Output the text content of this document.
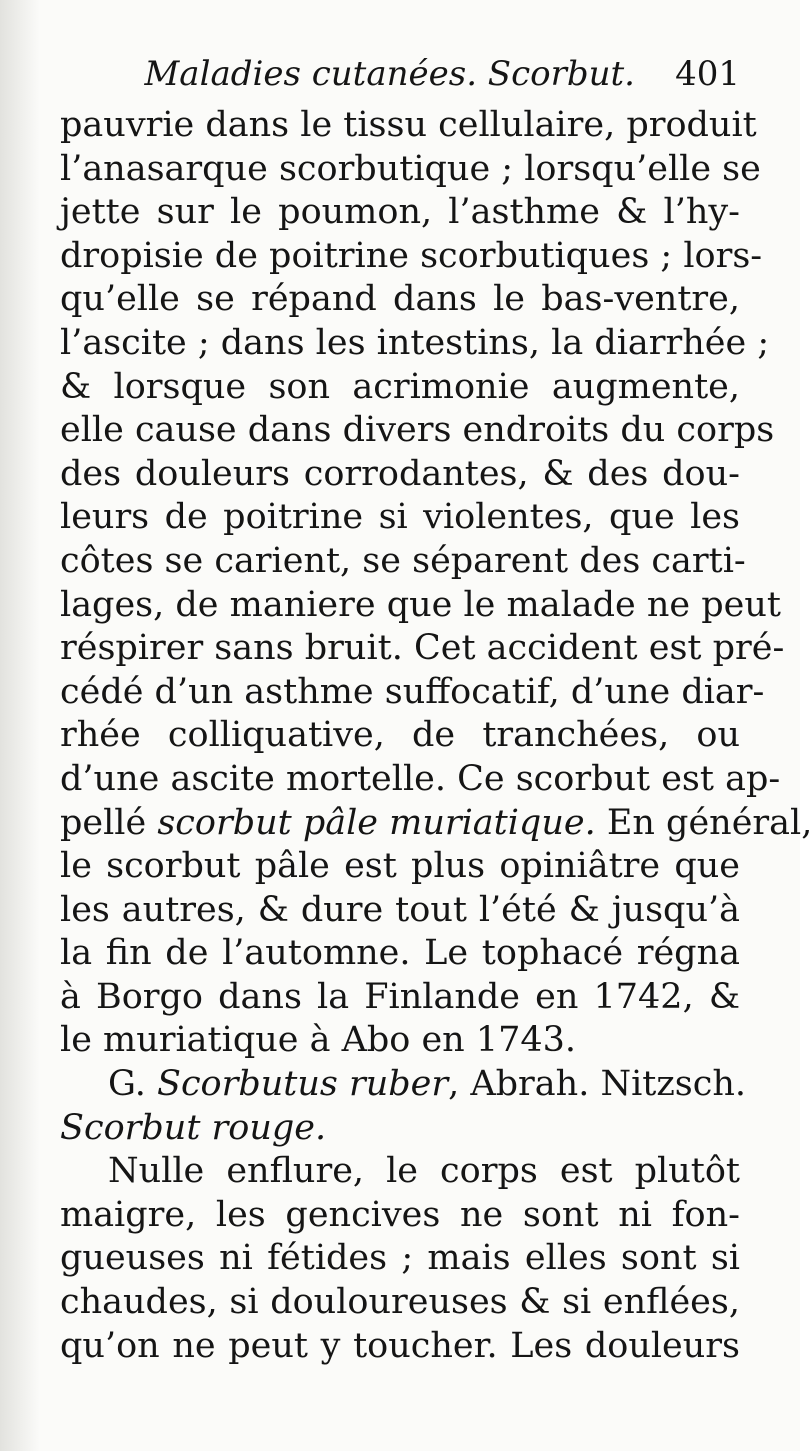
Maladies cutanées. Scorbut. 401
pauvrie dans le tissu cellulaire, produit
l’anasarque scorbutique ; lorsqu’elle se
jette sur le poumon, l’asthme & l’hy-
dropisie de poitrine scorbutiques ; lors-
qu’elle se répand dans le bas-ventre,
l’ascite ; dans les intestins, la diarrhée ;
& lorsque son acrimonie augmente,
elle cause dans divers endroits du corps
des douleurs corrodantes, & des dou-
leurs de poitrine si violentes, que les
côtes se carient, se séparent des carti-
lages, de maniere que le malade ne peut
réspirer sans bruit. Cet accident est pré-
cédé d’un asthme suffocatif, d’une diar-
rhée colliquative, de tranchées, ou
d’une ascite mortelle. Ce scorbut est ap-
pellé scorbut pâle muriatique. En général,
le scorbut pâle est plus opiniâtre que
les autres, & dure tout l’été & jusqu’à
la fin de l’automne. Le tophacé régna
à Borgo dans la Finlande en 1742, &
le muriatique à Abo en 1743.
G. Scorbutus ruber, Abrah. Nitzsch.
Scorbut rouge.
Nulle enflure, le corps est plutôt
maigre, les gencives ne sont ni fon-
gueuses ni fétides ; mais elles sont si
chaudes, si douloureuses & si enflées,
qu’on ne peut y toucher. Les douleurs
